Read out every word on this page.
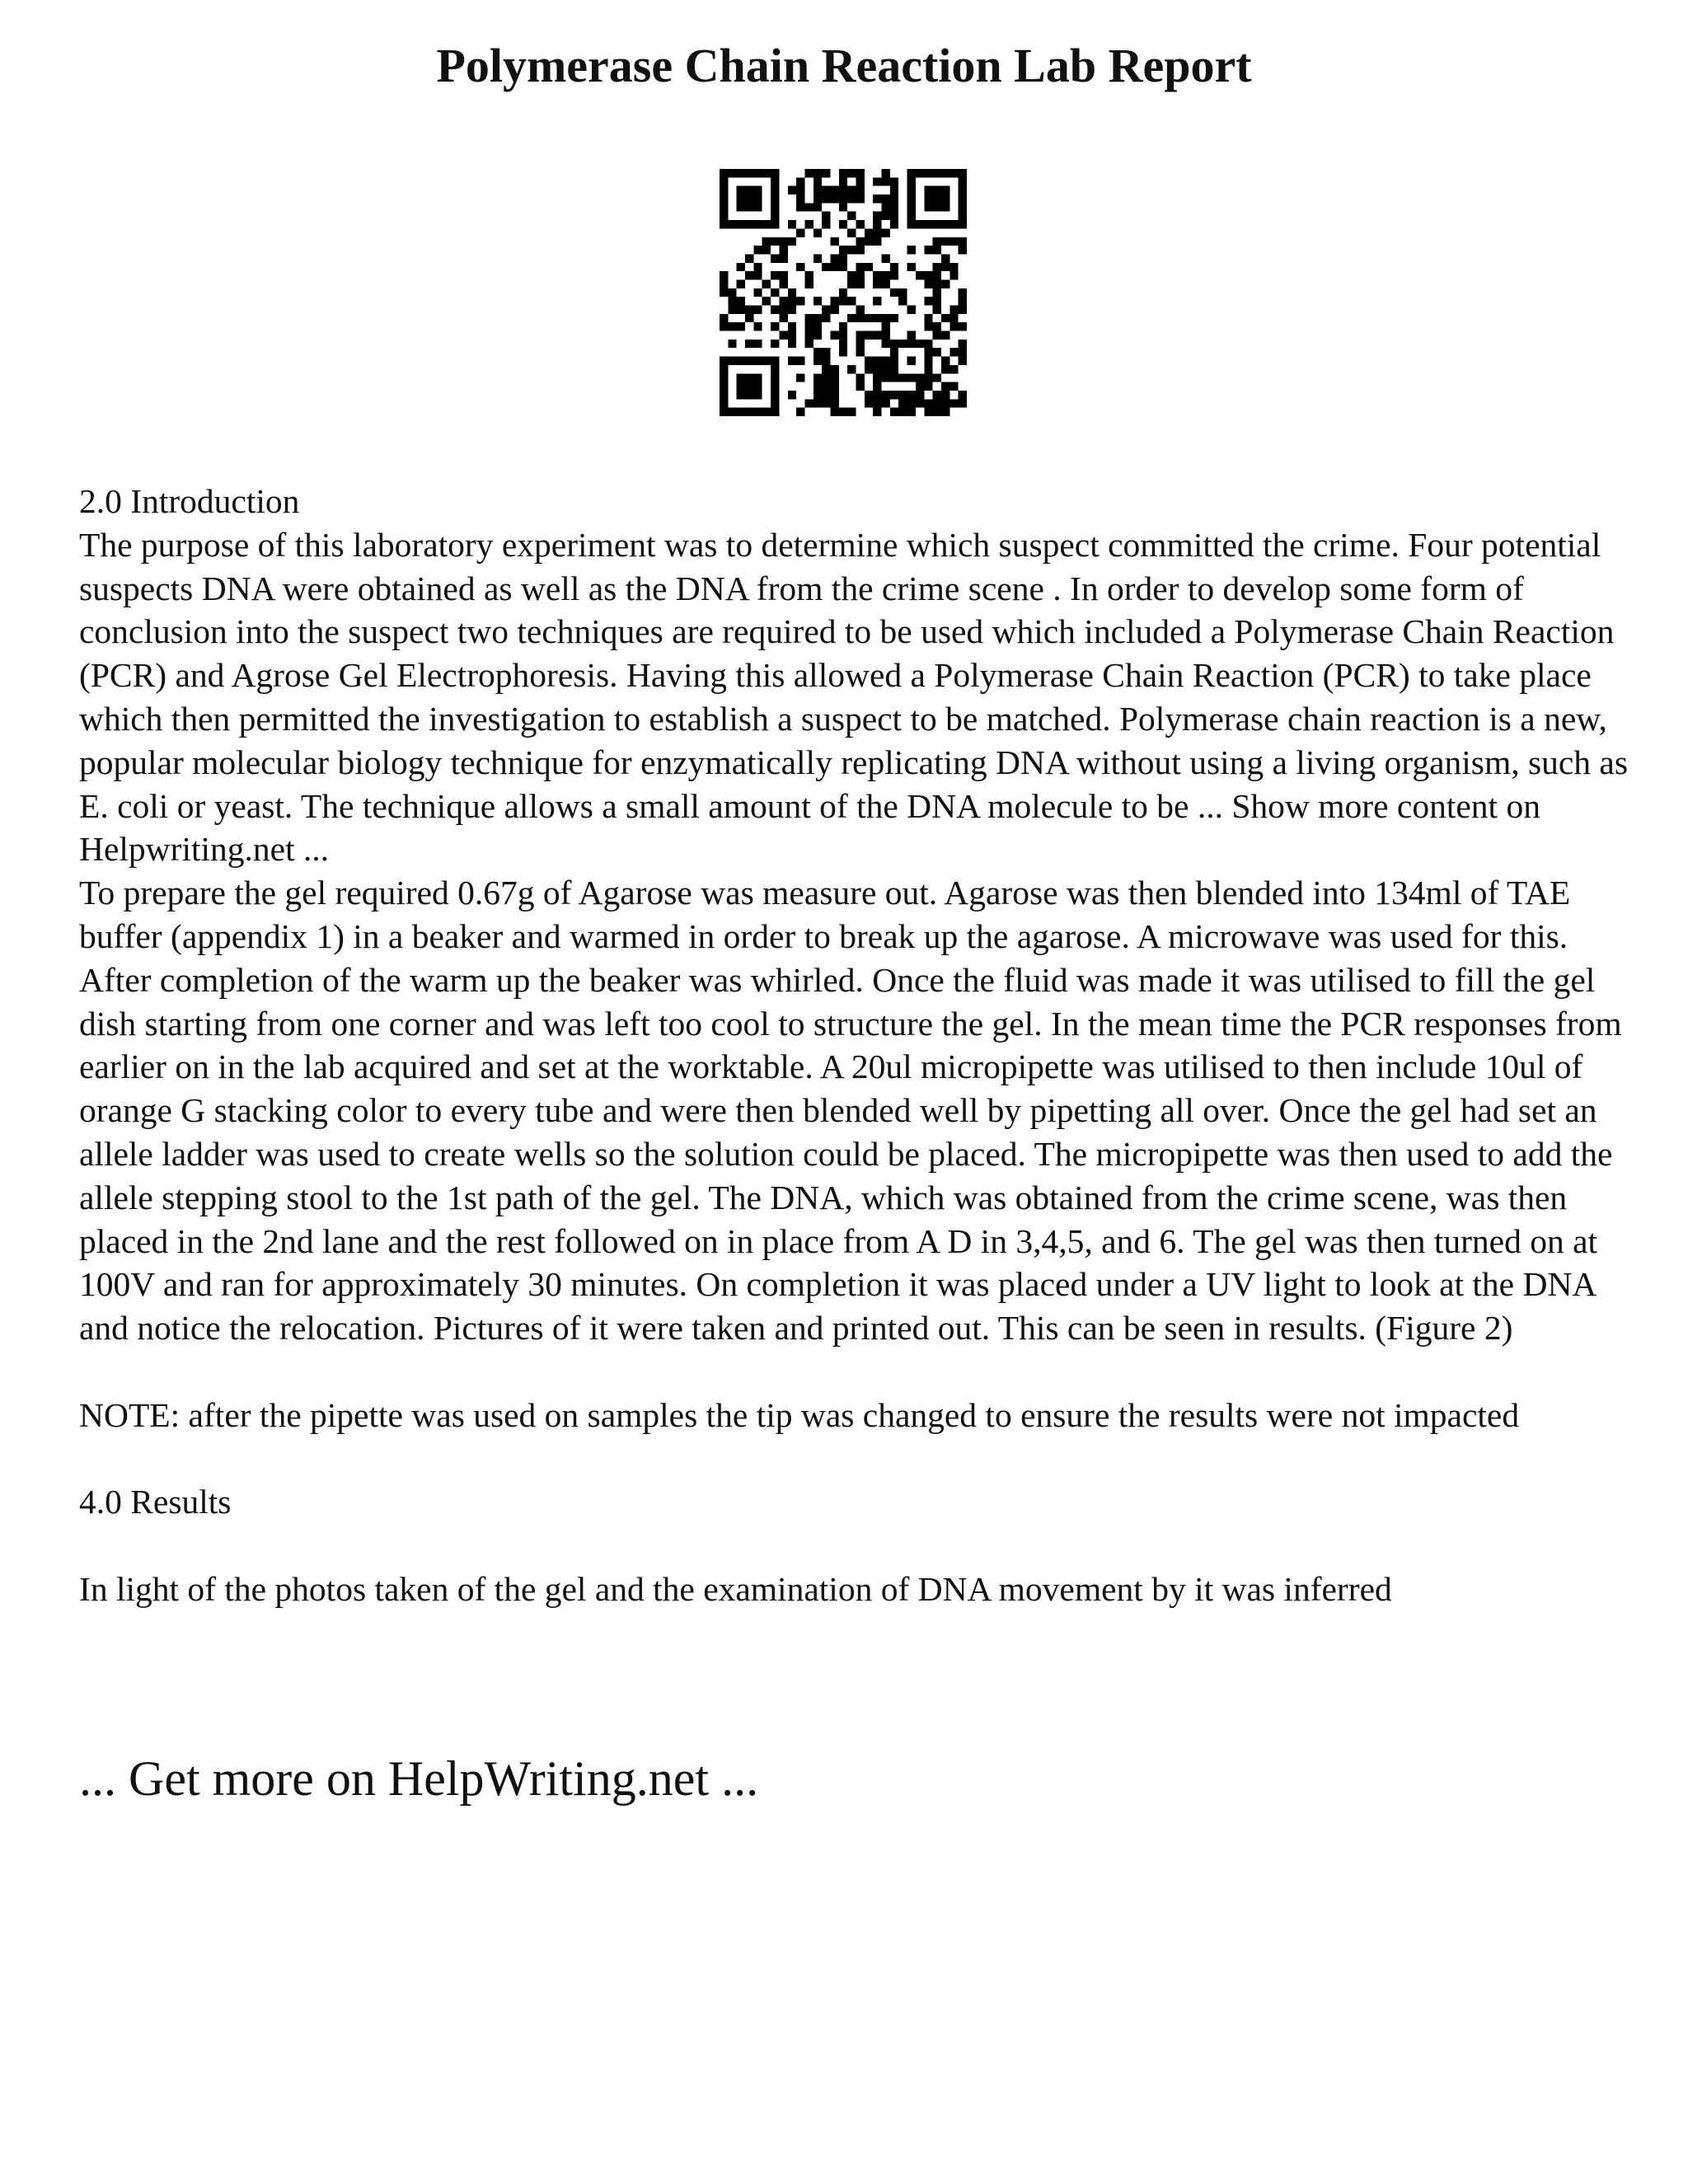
Polymerase Chain Reaction Lab Report

2.0 Introduction

The purpose of this laboratory experiment was to determine which suspect committed the crime. Four potential suspects DNA were obtained as well as the DNA from the crime scene . In order to develop some form of conclusion into the suspect two techniques are required to be used which included a Polymerase Chain Reaction (PCR) and Agrose Gel Electrophoresis. Having this allowed a Polymerase Chain Reaction (PCR) to take place which then permitted the investigation to establish a suspect to be matched. Polymerase chain reaction is a new, popular molecular biology technique for enzymatically replicating DNA without using a living organism, such as E. coli or yeast. The technique allows a small amount of the DNA molecule to be ... Show more content on Helpwriting.net ...

To prepare the gel required 0.67g of Agarose was measure out. Agarose was then blended into 134ml of TAE buffer (appendix 1) in a beaker and warmed in order to break up the agarose. A microwave was used for this. After completion of the warm up the beaker was whirled. Once the fluid was made it was utilised to fill the gel dish starting from one corner and was left too cool to structure the gel. In the mean time the PCR responses from earlier on in the lab acquired and set at the worktable. A 20ul micropipette was utilised to then include 10ul of orange G stacking color to every tube and were then blended well by pipetting all over. Once the gel had set an allele ladder was used to create wells so the solution could be placed. The micropipette was then used to add the allele stepping stool to the 1st path of the gel. The DNA, which was obtained from the crime scene, was then placed in the 2nd lane and the rest followed on in place from A D in 3,4,5, and 6. The gel was then turned on at 100V and ran for approximately 30 minutes. On completion it was placed under a UV light to look at the DNA and notice the relocation. Pictures of it were taken and printed out. This can be seen in results. (Figure 2)

NOTE: after the pipette was used on samples the tip was changed to ensure the results were not impacted

4.0 Results

In light of the photos taken of the gel and the examination of DNA movement by it was inferred

... Get more on HelpWriting.net ...
